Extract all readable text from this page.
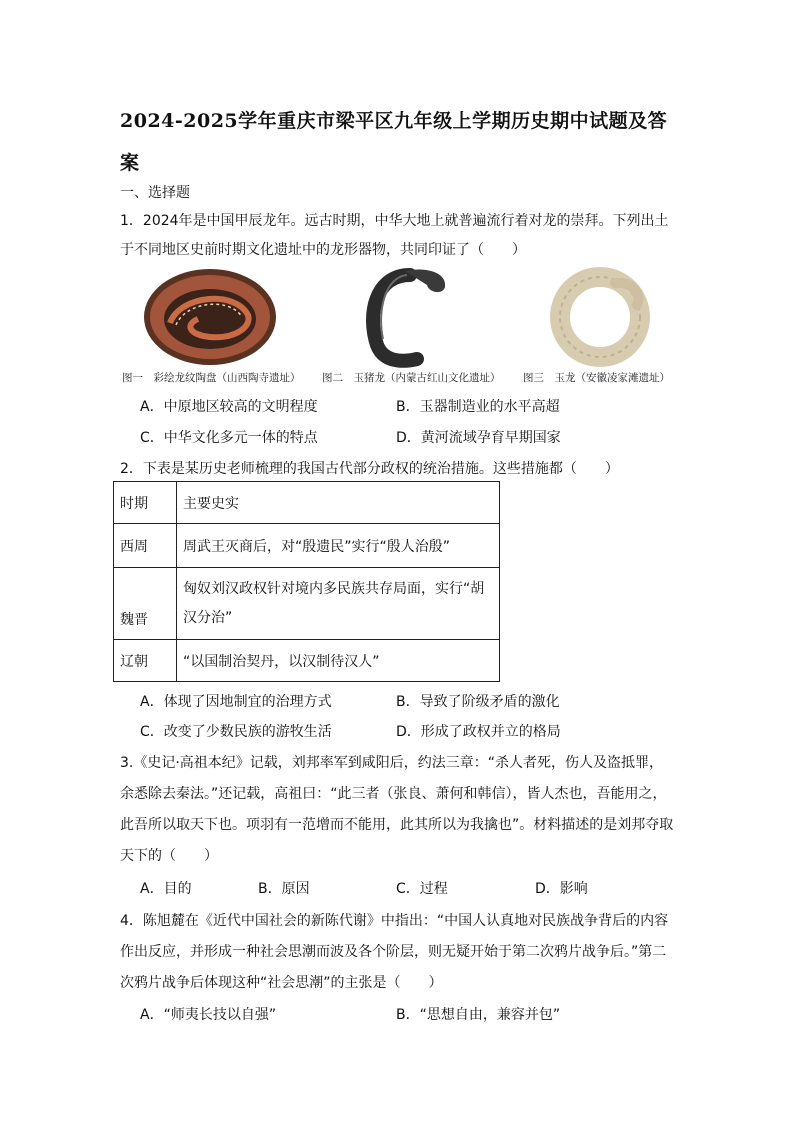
2024-2025学年重庆市梁平区九年级上学期历史期中试题及答案
一、选择题
1．2024年是中国甲辰龙年。远古时期，中华大地上就普遍流行着对龙的崇拜。下列出土
于不同地区史前时期文化遗址中的龙形器物，共同印证了（　　）
图一　彩绘龙纹陶盘（山西陶寺遗址） 图二　玉猪龙（内蒙古红山文化遗址） 图三　玉龙（安徽凌家滩遗址）
A．中原地区较高的文明程度	B．玉器制造业的水平高超
C．中华文化多元一体的特点	D．黄河流域孕育早期国家
2．下表是某历史老师梳理的我国古代部分政权的统治措施。这些措施都（　　）
时期	主要史实
西周	周武王灭商后，对“殷遗民”实行“殷人治殷”
魏晋	匈奴刘汉政权针对境内多民族共存局面，实行“胡
汉分治”

辽朝	“以国制治契丹，以汉制待汉人”
A．体现了因地制宜的治理方式	B．导致了阶级矛盾的激化
C．改变了少数民族的游牧生活	D．形成了政权并立的格局
3.《史记·高祖本纪》记载，刘邦率军到咸阳后，约法三章：“杀人者死，伤人及盗抵罪，
余悉除去秦法。”还记载，高祖曰：“此三者（张良、萧何和韩信），皆人杰也，吾能用之，
此吾所以取天下也。项羽有一范增而不能用，此其所以为我擒也”。材料描述的是刘邦夺取
天下的（　　）
A．目的	B．原因	C．过程	D．影响
4．陈旭麓在《近代中国社会的新陈代谢》中指出：“中国人认真地对民族战争背后的内容
作出反应，并形成一种社会思潮而波及各个阶层，则无疑开始于第二次鸦片战争后。”第二
次鸦片战争后体现这种“社会思潮”的主张是（　　）
A．“师夷长技以自强”	B．“思想自由，兼容并包”
